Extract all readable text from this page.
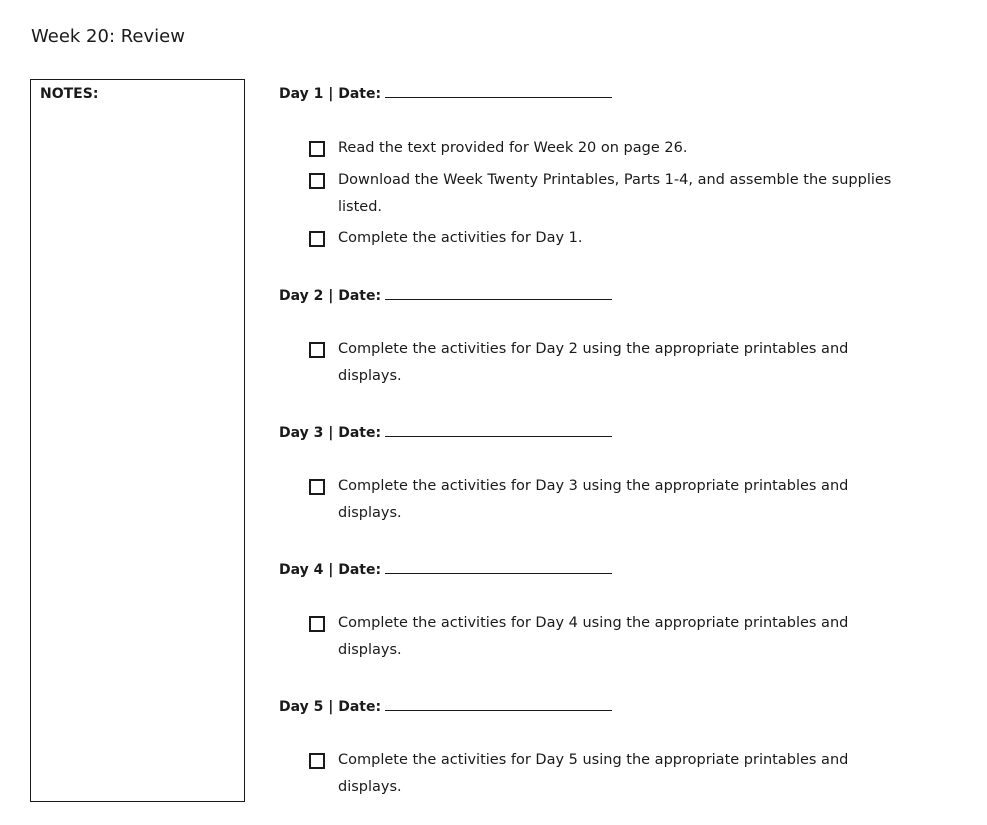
Week 20: Review
NOTES:	Day 1 | Date:
Read the text provided for Week 20 on page 26.
Download the Week Twenty Printables, Parts 1-4, and assemble the supplies listed.
Complete the activities for Day 1.
Day 2 | Date:
Complete the activities for Day 2 using the appropriate printables and displays.
Day 3 | Date:
Complete the activities for Day 3 using the appropriate printables and displays.
Day 4 | Date:
Complete the activities for Day 4 using the appropriate printables and displays.
Day 5 | Date:
Complete the activities for Day 5 using the appropriate printables and displays.
